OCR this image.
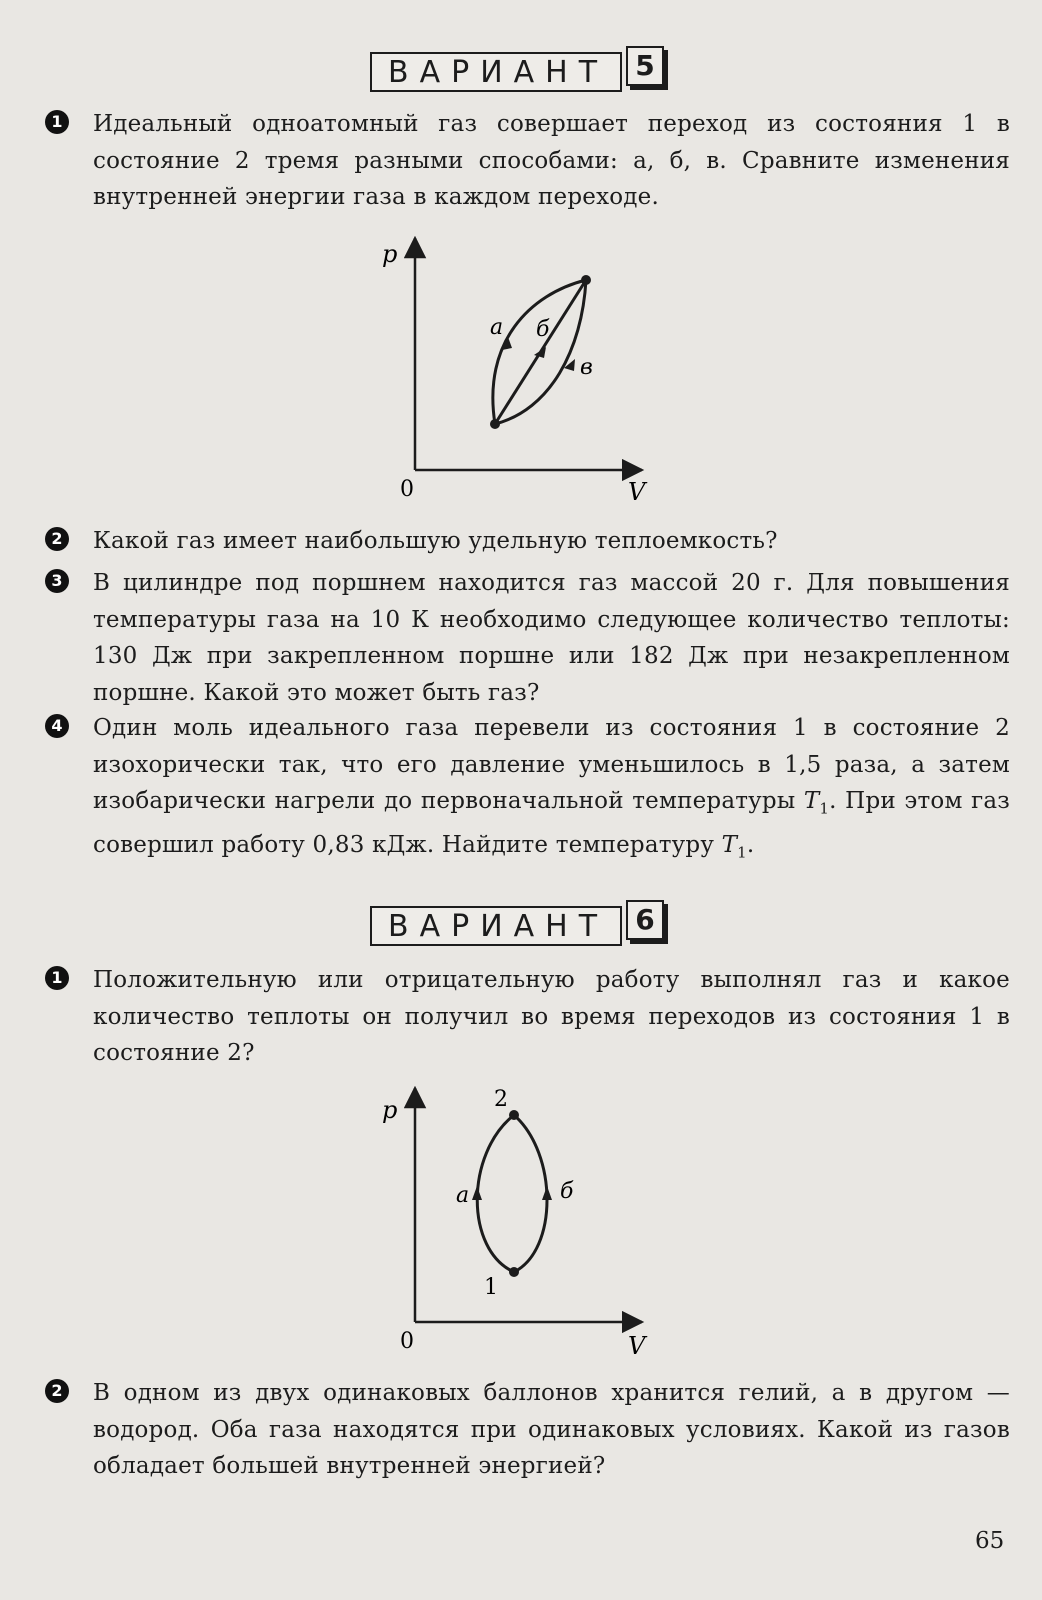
ВАРИАНТ 5
1 Идеальный одноатомный газ совершает переход из состояния 1 в состояние 2 тремя разными способами: а, б, в. Сравните изменения внутренней энергии газа в каждом переходе.
p
V
0
а б
в
2 Какой газ имеет наибольшую удельную теплоемкость?
3 В цилиндре под поршнем находится газ массой 20 г. Для повышения температуры газа на 10 К необходимо следующее количество теплоты: 130 Дж при закрепленном поршне или 182 Дж при незакрепленном поршне. Какой это может быть газ?
4 Один моль идеального газа перевели из состояния 1 в состояние 2 изохорически так, что его давление уменьшилось в 1,5 раза, а затем изобарически нагрели до первоначальной температуры $T_1$. При этом газ совершил работу 0,83 кДж. Найдите температуру $T_1$.
ВАРИАНТ 6
1 Положительную или отрицательную работу выполнял газ и какое количество теплоты он получил во время переходов из состояния 1 в состояние 2?
p
V
0
2
1
а	б
2 В одном из двух одинаковых баллонов хранится гелий, а в другом — водород. Оба газа находятся при одинаковых условиях. Какой из газов обладает большей внутренней энергией?
65
